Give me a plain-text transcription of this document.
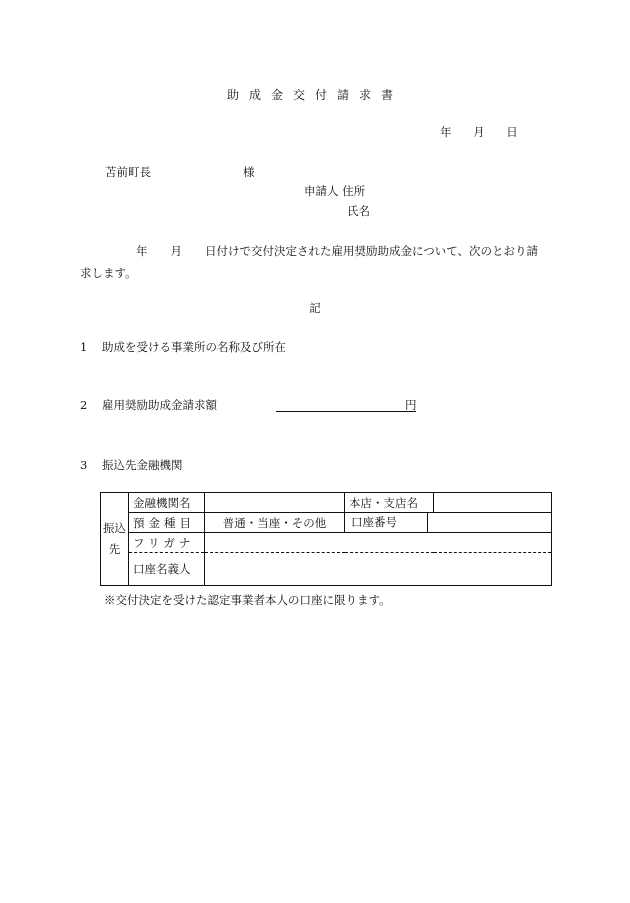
助成金交付請求書
年 月 日
苫前町長	様
申請人 住所
氏名
年　　月　　日付けで交付決定された雇用奨励助成金について、次のとおり請
求します。
記
1 助成を受ける事業所の名称及び所在
2 雇用奨励助成金請求額	円
3 振込先金融機関
振込先	金融機関名		本店・支店名	
	預金種目	普通・当座・その他	口座番号	

	フリガナ			
	口座名義人			
※交付決定を受けた認定事業者本人の口座に限ります。
